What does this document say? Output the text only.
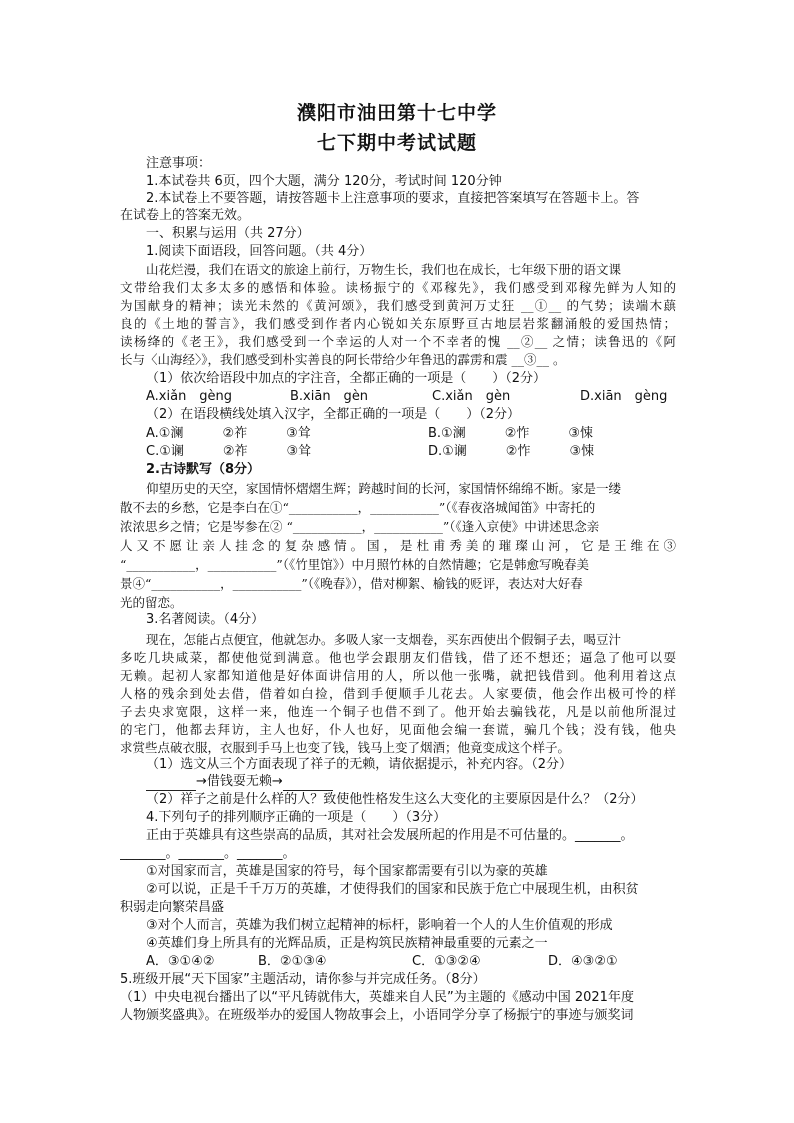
濮阳市油田第十七中学
七下期中考试试题
注意事项：
1.本试卷共 6页，四个大题，满分 120分，考试时间 120分钟
2.本试卷上不要答题，请按答题卡上注意事项的要求，直接把答案填写在答题卡上。答
在试卷上的答案无效。
一、积累与运用（共 27分）
1.阅读下面语段，回答问题。（共 4分）
山花烂漫，我们在语文的旅途上前行，万物生长，我们也在成长，七年级下册的语文课
文带给我们太多太多的感悟和体验。读杨振宁的《邓稼先》，我们感受到邓稼先鲜为人知的
为国献身的精神；读光未然的《黄河颂》，我们感受到黄河万丈狂 __①__ 的气势；读端木蕻
良的《土地的誓言》，我们感受到作者内心锐如关东原野亘古地层岩浆翻涌般的爱国热情；
读杨绛的《老王》，我们感受到一个幸运的人对一个不幸者的愧 __②__ 之情；读鲁迅的《阿
长与〈山海经〉》，我们感受到朴实善良的阿长带给少年鲁迅的霹雳和震 __③__ 。
（1）依次给语段中加点的字注音，全都正确的一项是（　　）（2分）
A.xiǎn　gèng	B.xiān　gèn	C.xiǎn　gèn	D.xiān　gèng
（2）在语段横线处填入汉字，全都正确的一项是（　　）（2分）
A.①澜　　　②祚　　　③耸	B.①澜　　　②怍　　　③悚
C.①谰　　　②祚　　　③耸	D.①谰　　　②怍　　　③悚
2.古诗默写（8分）
仰望历史的天空，家国情怀熠熠生辉；跨越时间的长河，家国情怀绵绵不断。家是一缕
散不去的乡愁，它是李白在①“___________，___________”（《春夜洛城闻笛》中寄托的
浓浓思乡之情；它是岑参在② “___________，___________”（《逢入京使》中讲述思念亲
人又不愿让亲人挂念的复杂感情。国，是杜甫秀美的璀璨山河，它是王维在③
“___________，___________”（《竹里馆》）中月照竹林的自然情趣；它是韩愈写晚春美
景④“___________，___________”（《晚春》），借对柳絮、榆钱的贬评，表达对大好春
光的留恋。
3.名著阅读。（4分）
现在，怎能占点便宜，他就怎办。多吸人家一支烟卷，买东西使出个假铜子去，喝豆汁
多吃几块咸菜，都使他觉到满意。他也学会跟朋友们借钱，借了还不想还；逼急了他可以耍
无赖。起初人家都知道他是好体面讲信用的人，所以他一张嘴，就把钱借到。他利用着这点
人格的残余到处去借，借着如白捡，借到手便顺手儿花去。人家要债，他会作出极可怜的样
子去央求宽限，这样一来，他连一个铜子也借不到了。他开始去骗钱花，凡是以前他所混过
的宅门，他都去拜访，主人也好，仆人也好，见面他会编一套谎，骗几个钱；没有钱，他央
求赏些点破衣服，衣服到手马上也变了钱，钱马上变了烟酒；他竟变成这个样子。
（1）选文从三个方面表现了祥子的无赖，请依据提示，补充内容。（2分）
→借钱耍无赖→
（2）祥子之前是什么样的人？致使他性格发生这么大变化的主要原因是什么？（2分）
4.下列句子的排列顺序正确的一项是（　　）（3分）
正由于英雄具有这些崇高的品质，其对社会发展所起的作用是不可估量的。_______。
_______。_______。_______。
①对国家而言，英雄是国家的符号，每个国家都需要有引以为豪的英雄
②可以说，正是千千万万的英雄，才使得我们的国家和民族于危亡中展现生机，由积贫
积弱走向繁荣昌盛
③对个人而言，英雄为我们树立起精神的标杆，影响着一个人的人生价值观的形成
④英雄们身上所具有的光辉品质，正是构筑民族精神最重要的元素之一
A．③①④②	B．②①③④	C．①③②④	D．④③②①
5.班级开展“天下国家”主题活动，请你参与并完成任务。（8分）
（1）中央电视台播出了以“平凡铸就伟大，英雄来自人民”为主题的《感动中国 2021年度
人物颁奖盛典》。在班级举办的爱国人物故事会上，小语同学分享了杨振宁的事迹与颁奖词
